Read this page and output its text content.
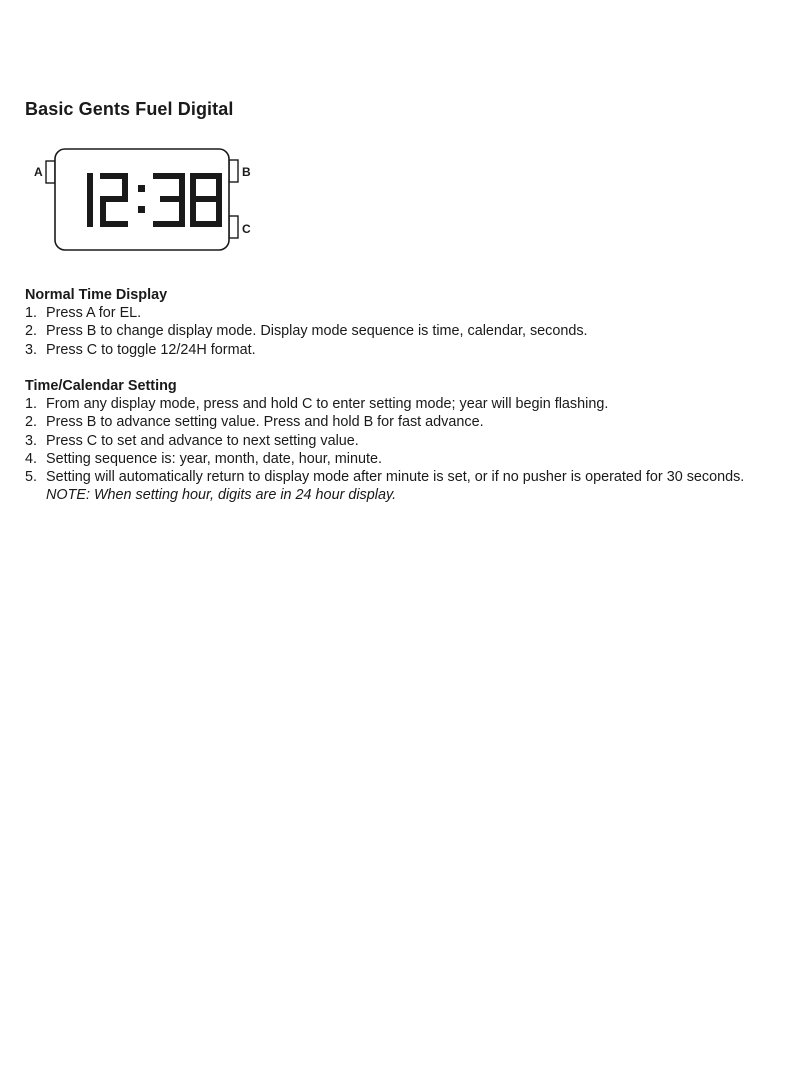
Basic Gents Fuel Digital
A	B
C
Normal Time Display
1. Press A for EL.
2. Press B to change display mode. Display mode sequence is time, calendar, seconds.
3. Press C to toggle 12/24H format.
Time/Calendar Setting
1. From any display mode, press and hold C to enter setting mode; year will begin flashing.
2. Press B to advance setting value. Press and hold B for fast advance.
3. Press C to set and advance to next setting value.
4. Setting sequence is: year, month, date, hour, minute.
5. Setting will automatically return to display mode after minute is set, or if no pusher is operated for 30 seconds.
NOTE: When setting hour, digits are in 24 hour display.
